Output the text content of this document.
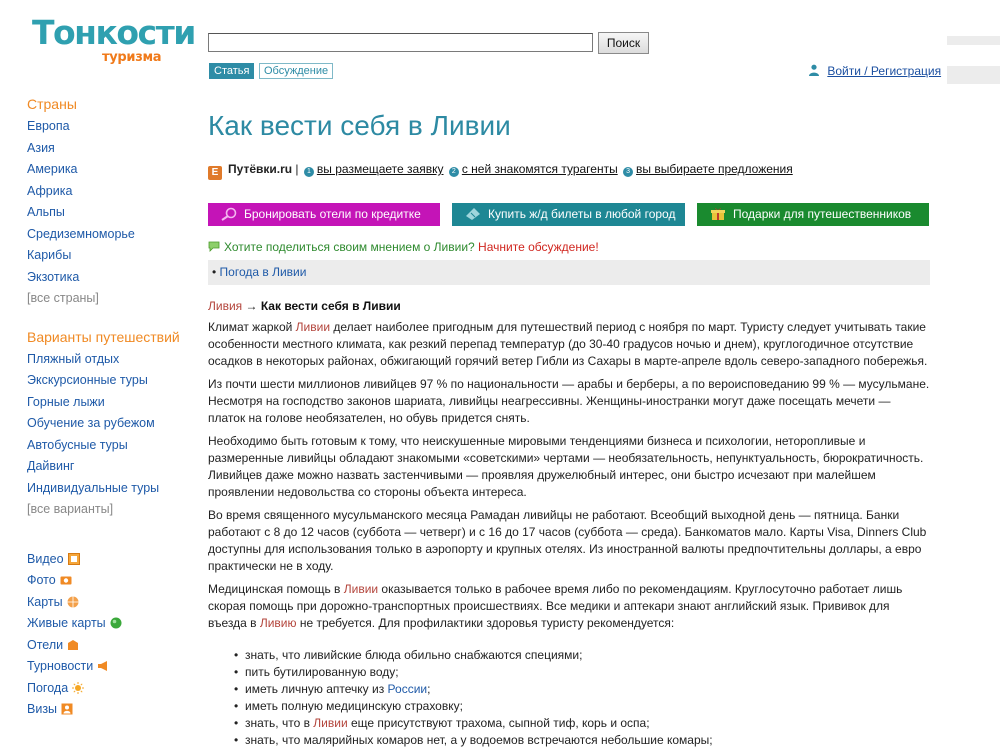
Тонкости
туризма
Поиск
Статья	Обсуждение	Войти / Регистрация
Страны
Европа
Азия
Америка
Африка
Альпы
Средиземноморье
Карибы
Экзотика
[все страны]
Варианты путешествий
Пляжный отдых
Экскурсионные туры
Горные лыжи
Обучение за рубежом
Автобусные туры
Дайвинг
Индивидуальные туры
[все варианты]
Видео
Фото
Карты
Живые карты
Отели
Турновости
Погода
Визы
Как вести себя в Ливии
Е Путёвки.ru | 1 вы размещаете заявку 2 с ней знакомятся турагенты 3 вы выбираете предложения
Бронировать отели по кредитке	Купить ж/д билеты в любой город	Подарки для путешественников
Хотите поделиться своим мнением о Ливии? Начните обсуждение!
• Погода в Ливии
Ливия → Как вести себя в Ливии

Климат жаркой Ливии делает наиболее пригодным для путешествий период с ноября по март. Туристу следует учитывать такие особенности местного климата, как резкий перепад температур (до 30-40 градусов ночью и днем), круглогодичное отсутствие осадков в некоторых районах, обжигающий горячий ветер Гибли из Сахары в марте-апреле вдоль северо-западного побережья.

Из почти шести миллионов ливийцев 97 % по национальности — арабы и берберы, а по вероисповеданию 99 % — мусульмане. Несмотря на господство законов шариата, ливийцы неагрессивны. Женщины-иностранки могут даже посещать мечети — платок на голове необязателен, но обувь придется снять.

Необходимо быть готовым к тому, что неискушенные мировыми тенденциями бизнеса и психологии, неторопливые и размеренные ливийцы обладают знакомыми «советскими» чертами — необязательность, непунктуальность, бюрократичность. Ливийцев даже можно назвать застенчивыми — проявляя дружелюбный интерес, они быстро исчезают при малейшем проявлении недовольства со стороны объекта интереса.

Во время священного мусульманского месяца Рамадан ливийцы не работают. Всеобщий выходной день — пятница. Банки работают с 8 до 12 часов (суббота — четверг) и с 16 до 17 часов (суббота — среда). Банкоматов мало. Карты Visa, Dinners Club доступны для использования только в аэропорту и крупных отелях. Из иностранной валюты предпочтительны доллары, а евро практически не в ходу.

Медицинская помощь в Ливии оказывается только в рабочее время либо по рекомендациям. Круглосуточно работает лишь скорая помощь при дорожно-транспортных происшествиях. Все медики и аптекари знают английский язык. Прививок для въезда в Ливию не требуется. Для профилактики здоровья туристу рекомендуется:

• знать, что ливийские блюда обильно снабжаются специями;
• пить бутилированную воду;
• иметь личную аптечку из России;
• иметь полную медицинскую страховку;
• знать, что в Ливии еще присутствуют трахома, сыпной тиф, корь и оспа;
• знать, что малярийных комаров нет, а у водоемов встречаются небольшие комары;
